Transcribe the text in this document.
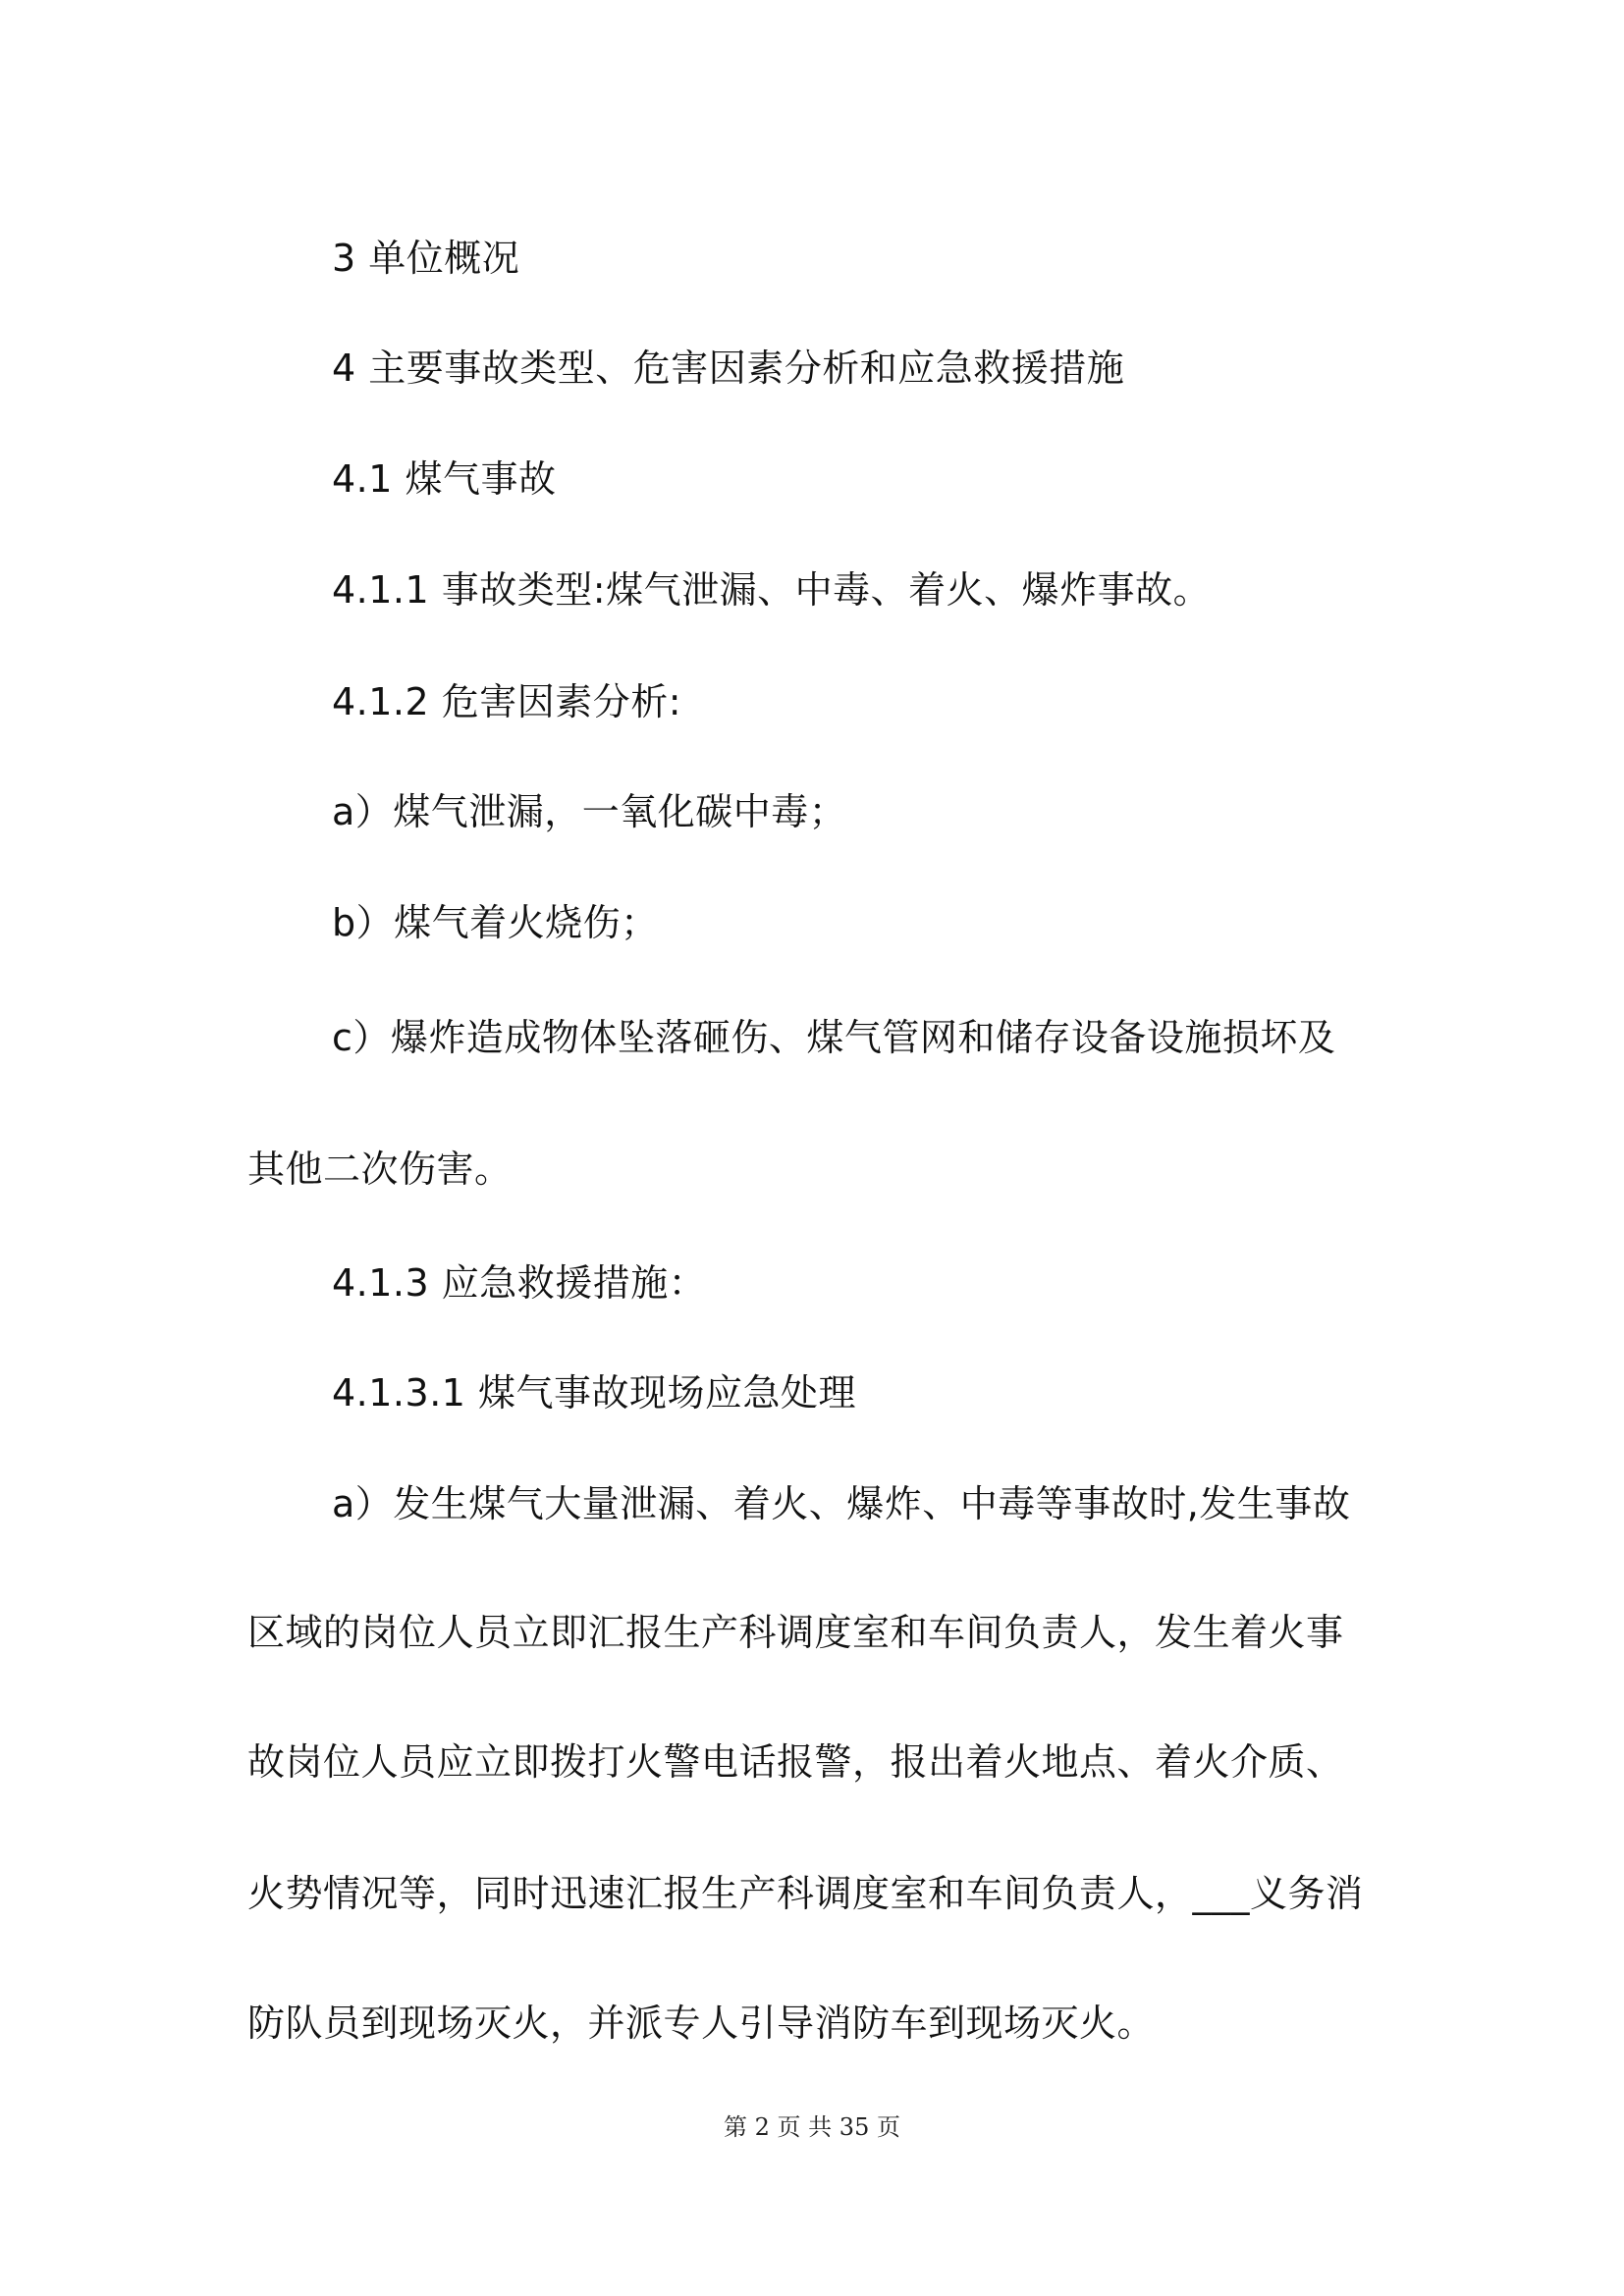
3 单位概况
4 主要事故类型、危害因素分析和应急救援措施
4.1 煤气事故
4.1.1 事故类型:煤气泄漏、中毒、着火、爆炸事故。
4.1.2 危害因素分析:
a）煤气泄漏，一氧化碳中毒；
b）煤气着火烧伤；
c）爆炸造成物体坠落砸伤、煤气管网和储存设备设施损坏及
其他二次伤害。
4.1.3 应急救援措施：
4.1.3.1 煤气事故现场应急处理
a）发生煤气大量泄漏、着火、爆炸、中毒等事故时,发生事故
区域的岗位人员立即汇报生产科调度室和车间负责人，发生着火事
故岗位人员应立即拨打火警电话报警，报出着火地点、着火介质、
火势情况等，同时迅速汇报生产科调度室和车间负责人，___义务消
防队员到现场灭火，并派专人引导消防车到现场灭火。
第 2 页 共 35 页
